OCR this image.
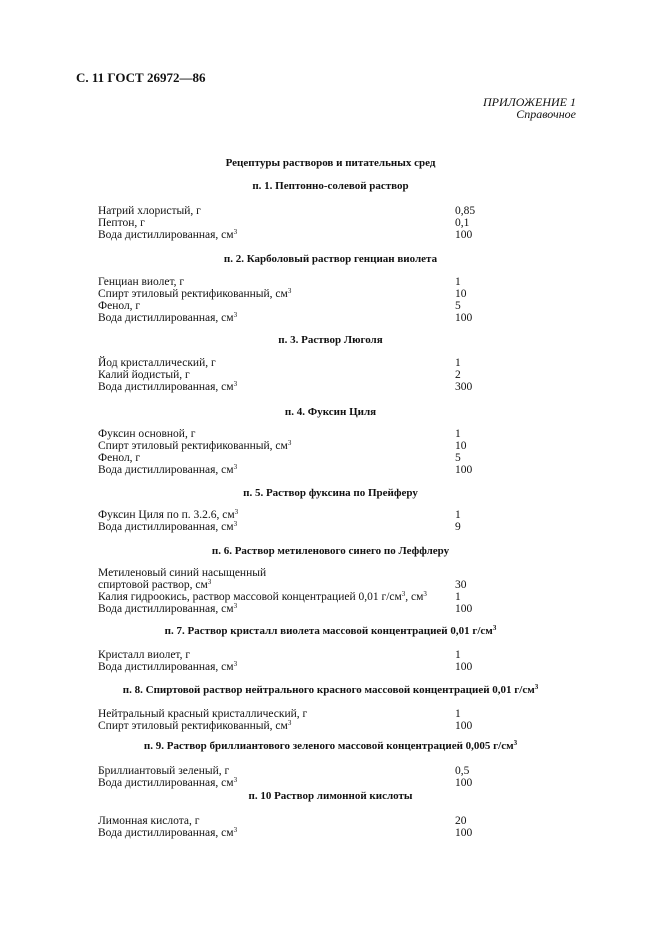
С. 11 ГОСТ 26972—86
ПРИЛОЖЕНИЕ 1
Справочное
Рецептуры растворов и питательных сред
п. 1. Пептонно-солевой раствор
Натрий хлористый, г	0,85
Пептон, г	0,1
Вода дистиллированная, $см^3$	100
п. 2. Карболовый раствор генциан виолета
Генциан виолет, г	1
Спирт этиловый ректификованный, $см^3$	10
Фенол, г	5
Вода дистиллированная, $см^3$	100
п. 3. Раствор Люголя
Йод кристаллический, г	1
Калий йодистый, г	2
Вода дистиллированная, $см^3$	300
п. 4. Фуксин Циля
Фуксин основной, г	1
Спирт этиловый ректификованный, $см^3$	10
Фенол, г	5
Вода дистиллированная, $см^3$	100
п. 5. Раствор фуксина по Прейферу
Фуксин Циля по п. 3.2.6, $см^3$	1
Вода дистиллированная, $см^3$	9
п. 6. Раствор метиленового синего по Леффлеру
Метиленовый синий насыщенный
спиртовой раствор, $см^3$	30
Калия гидроокись, раствор массовой концентрацией 0,01 $г/см^3$, $см^3$ 1
Вода дистиллированная, $см^3$	100
п. 7. Раствор кристалл виолета массовой концентрацией 0,01 $г/см^3$
Кристалл виолет, г	1
Вода дистиллированная, $см^3$	100
п. 8. Спиртовой раствор нейтрального красного массовой концентрацией 0,01 $г/см^3$
Нейтральный красный кристаллический, г	1
Спирт этиловый ректификованный, $см^3$	100
п. 9. Раствор бриллиантового зеленого массовой концентрацией 0,005 $г/см^3$
Бриллиантовый зеленый, г	0,5
Вода дистиллированная, $см^3$	100
п. 10 Раствор лимонной кислоты
Лимонная кислота, г	20
Вода дистиллированная, $см^3$	100
